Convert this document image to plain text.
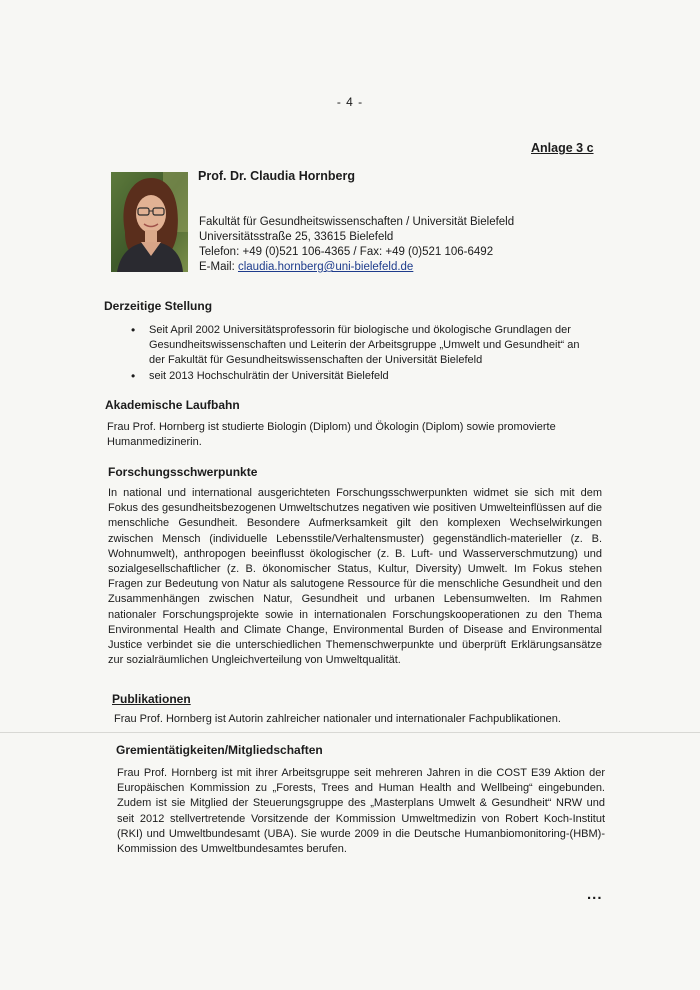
- 4 -
Anlage 3 c
Prof. Dr. Claudia Hornberg
Fakultät für Gesundheitswissenschaften / Universität Bielefeld
Universitätsstraße 25, 33615 Bielefeld
Telefon: +49 (0)521 106-4365 / Fax: +49 (0)521 106-6492
E-Mail: claudia.hornberg@uni-bielefeld.de
Derzeitige Stellung
• Seit April 2002 Universitätsprofessorin für biologische und ökologische Grundlagen der Gesundheitswissenschaften und Leiterin der Arbeitsgruppe „Umwelt und Gesundheit“ an der Fakultät für Gesundheitswissenschaften der Universität Bielefeld
• seit 2013 Hochschulrätin der Universität Bielefeld
Akademische Laufbahn
Frau Prof. Hornberg ist studierte Biologin (Diplom) und Ökologin (Diplom) sowie promovierte Humanmedizinerin.
Forschungsschwerpunkte
In national und international ausgerichteten Forschungsschwerpunkten widmet sie sich mit dem Fokus des gesundheitsbezogenen Umweltschutzes negativen wie positiven Umwelteinflüssen auf die menschliche Gesundheit. Besondere Aufmerksamkeit gilt den komplexen Wechselwirkungen zwischen Mensch (individuelle Lebensstile/Verhaltensmuster) gegenständlich-materieller (z. B. Wohnumwelt), anthropogen beeinflusst ökologischer (z. B. Luft- und Wasserverschmutzung) und sozialgesellschaftlicher (z. B. ökonomischer Status, Kultur, Diversity) Umwelt. Im Fokus stehen Fragen zur Bedeutung von Natur als salutogene Ressource für die menschliche Gesundheit und den Zusammenhängen zwischen Natur, Gesundheit und urbanen Lebensumwelten. Im Rahmen nationaler Forschungsprojekte sowie in internationalen Forschungskooperationen zu den Thema Environmental Health and Climate Change, Environmental Burden of Disease and Environmental Justice verbindet sie die unterschiedlichen Themenschwerpunkte und überprüft Erklärungsansätze zur sozialräumlichen Ungleichverteilung von Umweltqualität.
Publikationen
Frau Prof. Hornberg ist Autorin zahlreicher nationaler und internationaler Fachpublikationen.
Gremientätigkeiten/Mitgliedschaften
Frau Prof. Hornberg ist mit ihrer Arbeitsgruppe seit mehreren Jahren in die COST E39 Aktion der Europäischen Kommission zu „Forests, Trees and Human Health and Wellbeing“ eingebunden. Zudem ist sie Mitglied der Steuerungsgruppe des „Masterplans Umwelt & Gesundheit“ NRW und seit 2012 stellvertretende Vorsitzende der Kommission Umweltmedizin von Robert Koch-Institut (RKI) und Umweltbundesamt (UBA). Sie wurde 2009 in die Deutsche Humanbiomonitoring-(HBM)- Kommission des Umweltbundesamtes berufen.
...
